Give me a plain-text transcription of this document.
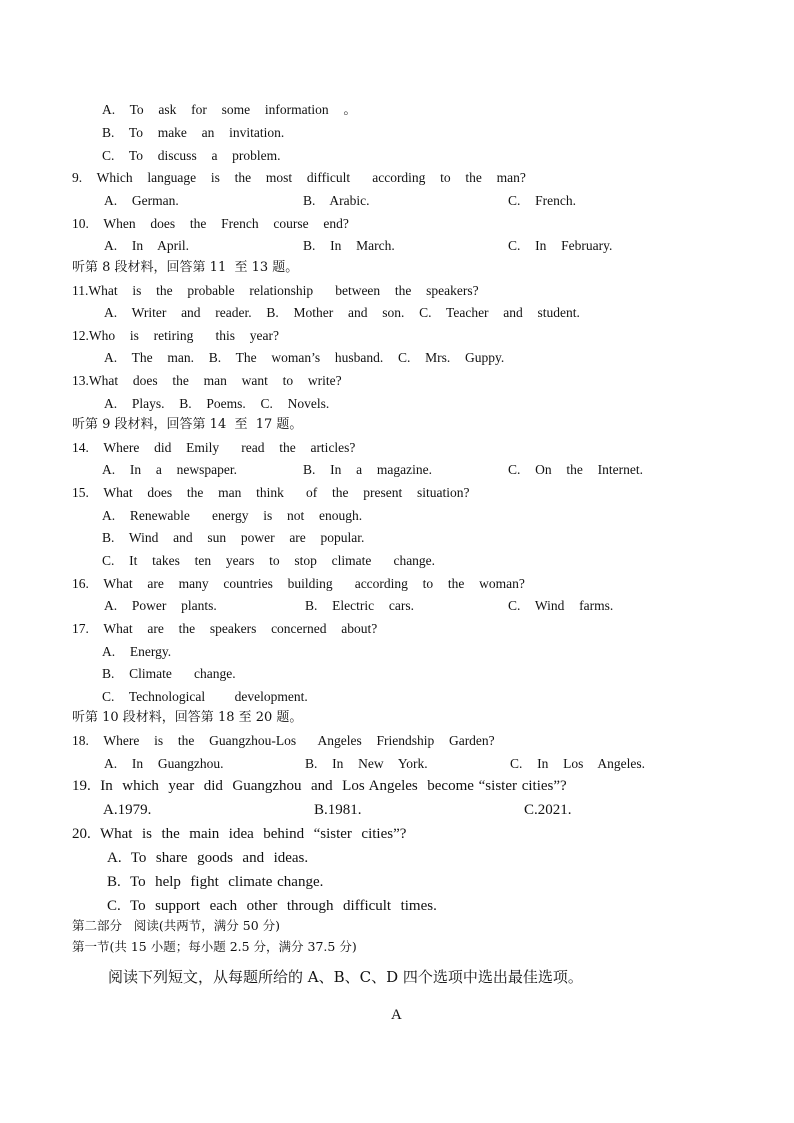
A.  To  ask  for  some  information  。
B.  To  make  an  invitation.
C.  To  discuss  a  problem.
9.  Which  language  is  the  most  difficult   according  to  the  man?
A.  German.	B.  Arabic.	C.  French.
10.  When  does  the  French  course  end?
A.  In  April.	B.  In  March.	C.  In  February.
听第 8 段材料，回答第 11  至 13 题。
11.What  is  the  probable  relationship   between  the  speakers?
A.  Writer  and  reader.  B.  Mother  and  son.  C.  Teacher  and  student.
12.Who  is  retiring   this  year?
A.  The  man.  B.  The  woman’s  husband.  C.  Mrs.  Guppy.
13.What  does  the  man  want  to  write?
A.  Plays.  B.  Poems.  C.  Novels.
听第 9 段材料，回答第 14  至  17 题。
14.  Where  did  Emily   read  the  articles?
A.  In  a  newspaper.	B.  In  a  magazine.	C.  On  the  Internet.
15.  What  does  the  man  think   of  the  present  situation?
A.  Renewable   energy  is  not  enough.
B.  Wind  and  sun  power  are  popular.
C.  It  takes  ten  years  to  stop  climate   change.
16.  What  are  many  countries  building   according  to  the  woman?
A.  Power  plants.	B.  Electric  cars.	C.  Wind  farms.
17.  What  are  the  speakers  concerned  about?
A.  Energy.
B.  Climate   change.
C.  Technological    development.
听第 10 段材料，回答第 18 至 20 题。
18.  Where  is  the  Guangzhou-Los   Angeles  Friendship  Garden?
A.  In  Guangzhou.	B.  In  New  York.	C.  In  Los  Angeles.
19.  In  which  year  did  Guangzhou  and  Los Angeles  become “sister cities”?
A.1979.	B.1981.	C.2021.
20.  What  is  the  main  idea  behind  “sister  cities”?
A.  To  share  goods  and  ideas.
B.  To  help  fight  climate change.
C.  To  support  each  other  through  difficult  times.
第二部分   阅读(共两节，满分 50 分)
第一节(共 15 小题；每小题 2.5 分，满分 37.5 分)
阅读下列短文，从每题所给的 A、B、C、D 四个选项中选出最佳选项。
A
